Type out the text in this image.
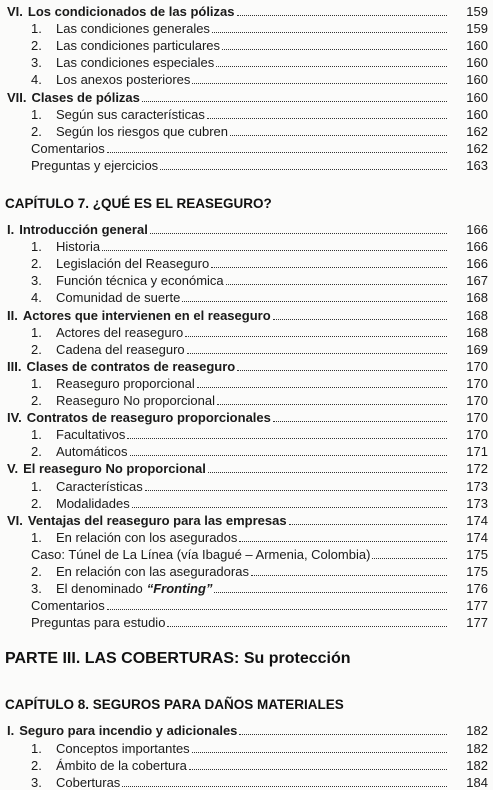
VI. Los condicionados de las pólizas	159
1.	Las condiciones generales	159
2.	Las condiciones particulares	160
3.	Las condiciones especiales	160
4.	Los anexos posteriores	160
VII. Clases de pólizas	160
1.	Según sus características	160
2.	Según los riesgos que cubren	162
Comentarios	162
Preguntas y ejercicios	163
CAPÍTULO 7. ¿QUÉ ES EL REASEGURO?
I. Introducción general	166
1.	Historia	166
2.	Legislación del Reaseguro	166
3.	Función técnica y económica	167
4.	Comunidad de suerte	168
II. Actores que intervienen en el reaseguro	168
1.	Actores del reaseguro	168
2.	Cadena del reaseguro	169
III. Clases de contratos de reaseguro	170
1.	Reaseguro proporcional	170
2.	Reaseguro No proporcional	170
IV. Contratos de reaseguro proporcionales	170
1.	Facultativos	170
2.	Automáticos	171
V. El reaseguro No proporcional	172
1.	Características	173
2.	Modalidades	173
VI. Ventajas del reaseguro para las empresas	174
1.	En relación con los asegurados	174
Caso: Túnel de La Línea (vía Ibagué – Armenia, Colombia)	175
2.	En relación con las aseguradoras	175
3.	El denominado “Fronting”	176
Comentarios	177
Preguntas para estudio	177
PARTE III. LAS COBERTURAS: Su protección
CAPÍTULO 8. SEGUROS PARA DAÑOS MATERIALES
I. Seguro para incendio y adicionales	182
1.	Conceptos importantes	182
2.	Ámbito de la cobertura	182
3.	Coberturas	184
